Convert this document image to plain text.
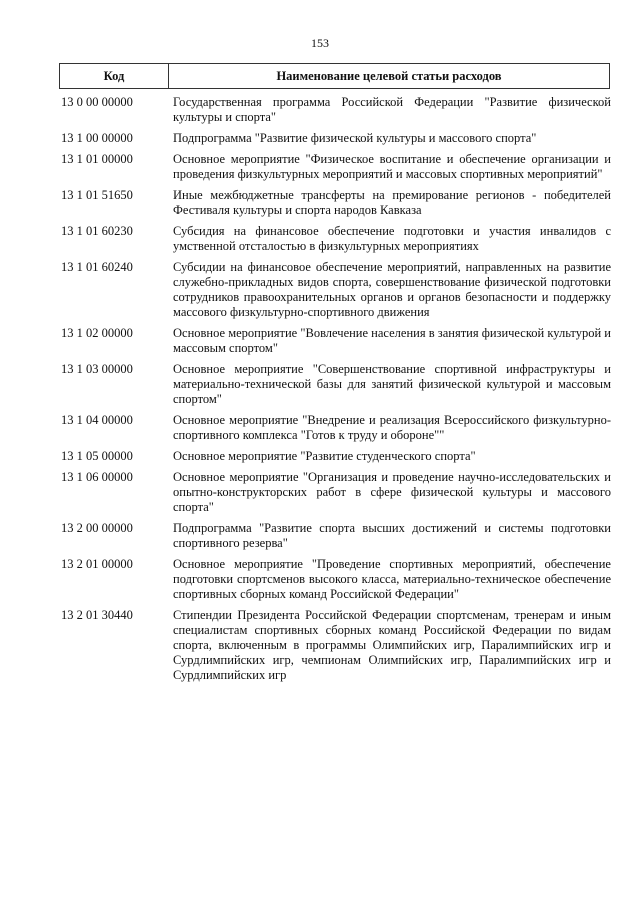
153
Код	Наименование целевой статьи расходов
13 0 00 00000	Государственная программа Российской Федерации "Развитие физической культуры и спорта"
13 1 00 00000	Подпрограмма "Развитие физической культуры и массового спорта"
13 1 01 00000	Основное мероприятие "Физическое воспитание и обеспечение организации и проведения физкультурных мероприятий и массовых спортивных мероприятий"
13 1 01 51650	Иные межбюджетные трансферты на премирование регионов - победителей Фестиваля культуры и спорта народов Кавказа
13 1 01 60230	Субсидия на финансовое обеспечение подготовки и участия инвалидов с умственной отсталостью в физкультурных мероприятиях
13 1 01 60240	Субсидии на финансовое обеспечение мероприятий, направленных на развитие служебно-прикладных видов спорта, совершенствование физической подготовки сотрудников правоохранительных органов и органов безопасности и поддержку массового физкультурно-спортивного движения
13 1 02 00000	Основное мероприятие "Вовлечение населения в занятия физической культурой и массовым спортом"
13 1 03 00000	Основное мероприятие "Совершенствование спортивной инфраструктуры и материально-технической базы для занятий физической культурой и массовым спортом"
13 1 04 00000	Основное мероприятие "Внедрение и реализация Всероссийского физкультурно-спортивного комплекса "Готов к труду и обороне""
13 1 05 00000	Основное мероприятие "Развитие студенческого спорта"
13 1 06 00000	Основное мероприятие "Организация и проведение научно-исследовательских и опытно-конструкторских работ в сфере физической культуры и массового спорта"
13 2 00 00000	Подпрограмма "Развитие спорта высших достижений и системы подготовки спортивного резерва"
13 2 01 00000	Основное мероприятие "Проведение спортивных мероприятий, обеспечение подготовки спортсменов высокого класса, материально-техническое обеспечение спортивных сборных команд Российской Федерации"
13 2 01 30440	Стипендии Президента Российской Федерации спортсменам, тренерам и иным специалистам спортивных сборных команд Российской Федерации по видам спорта, включенным в программы Олимпийских игр, Паралимпийских игр и Сурдлимпийских игр, чемпионам Олимпийских игр, Паралимпийских игр и Сурдлимпийских игр
